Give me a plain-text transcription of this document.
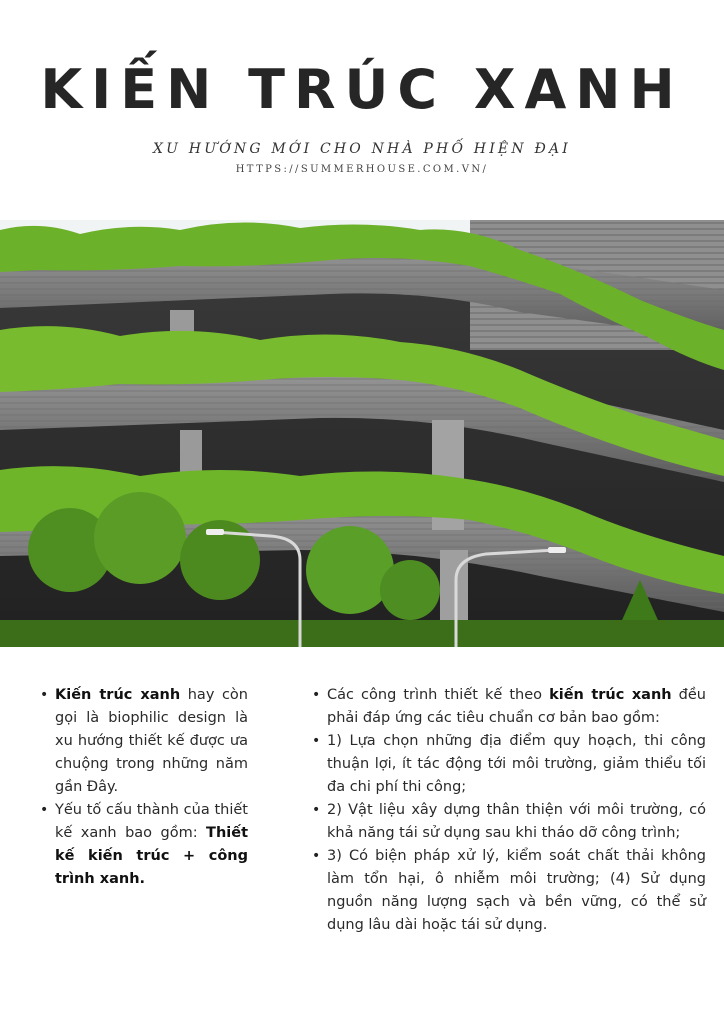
KIẾN TRÚC XANH
XU HƯỚNG MỚI CHO NHÀ PHỐ HIỆN ĐẠI
HTTPS://SUMMERHOUSE.COM.VN/
• Kiến trúc xanh hay còn gọi là biophilic design là xu hướng thiết kế được ưa chuộng trong những năm gần Đây.
• Yếu tố cấu thành của thiết kế xanh bao gồm: Thiết kế kiến trúc + công trình xanh.
• Các công trình thiết kế theo kiến trúc xanh đều phải đáp ứng các tiêu chuẩn cơ bản bao gồm:
• 1) Lựa chọn những địa điểm quy hoạch, thi công thuận lợi, ít tác động tới môi trường, giảm thiểu tối đa chi phí thi công;
• 2) Vật liệu xây dựng thân thiện với môi trường, có khả năng tái sử dụng sau khi tháo dỡ công trình;
• 3) Có biện pháp xử lý, kiểm soát chất thải không làm tổn hại, ô nhiễm môi trường; (4) Sử dụng nguồn năng lượng sạch và bền vững, có thể sử dụng lâu dài hoặc tái sử dụng.
